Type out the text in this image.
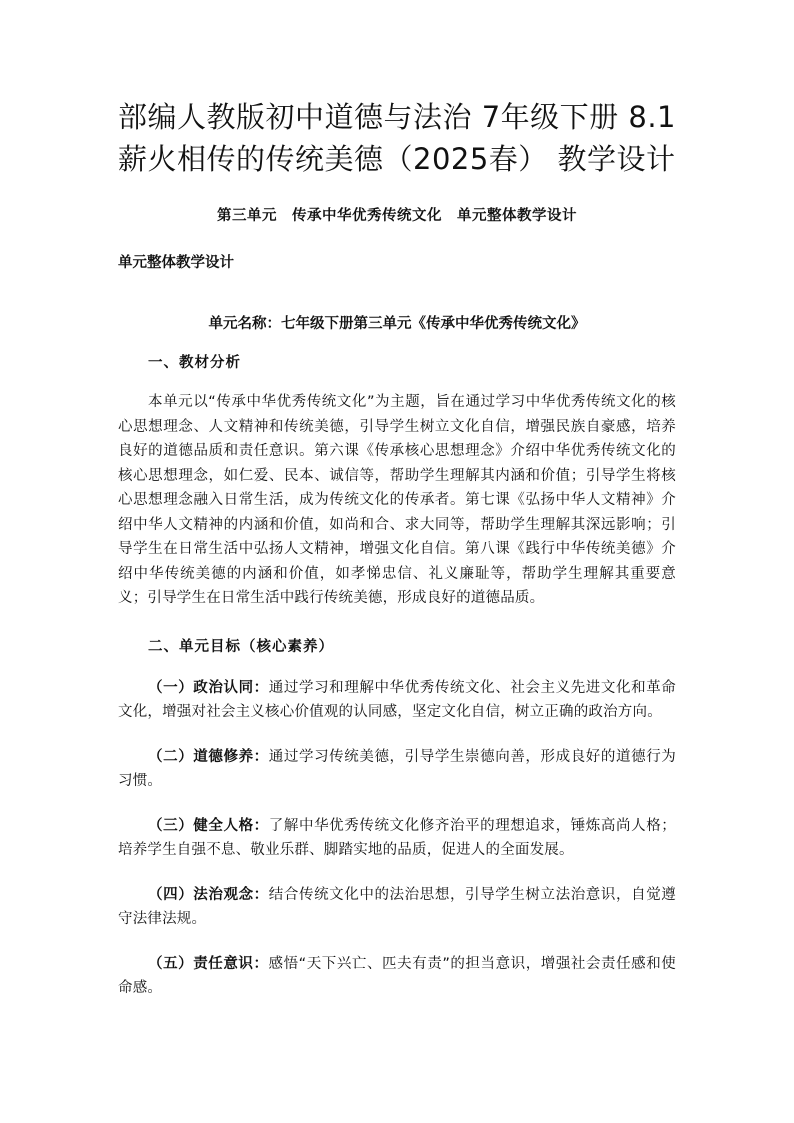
部编人教版初中道德与法治 7年级下册 8.1 薪火相传的传统美德（2025春） 教学设计
第三单元　传承中华优秀传统文化　单元整体教学设计
单元整体教学设计
单元名称：七年级下册第三单元《传承中华优秀传统文化》
一、教材分析

本单元以“传承中华优秀传统文化”为主题，旨在通过学习中华优秀传统文化的核心思想理念、人文精神和传统美德，引导学生树立文化自信，增强民族自豪感，培养良好的道德品质和责任意识。第六课《传承核心思想理念》介绍中华优秀传统文化的核心思想理念，如仁爱、民本、诚信等，帮助学生理解其内涵和价值；引导学生将核心思想理念融入日常生活，成为传统文化的传承者。第七课《弘扬中华人文精神》介绍中华人文精神的内涵和价值，如尚和合、求大同等，帮助学生理解其深远影响；引导学生在日常生活中弘扬人文精神，增强文化自信。第八课《践行中华传统美德》介绍中华传统美德的内涵和价值，如孝悌忠信、礼义廉耻等，帮助学生理解其重要意义；引导学生在日常生活中践行传统美德，形成良好的道德品质。

二、单元目标（核心素养）

（一）政治认同：通过学习和理解中华优秀传统文化、社会主义先进文化和革命文化，增强对社会主义核心价值观的认同感，坚定文化自信，树立正确的政治方向。

（二）道德修养：通过学习传统美德，引导学生崇德向善，形成良好的道德行为习惯。

（三）健全人格：了解中华优秀传统文化修齐治平的理想追求，锤炼高尚人格；培养学生自强不息、敬业乐群、脚踏实地的品质，促进人的全面发展。

（四）法治观念：结合传统文化中的法治思想，引导学生树立法治意识，自觉遵守法律法规。

（五）责任意识：感悟“天下兴亡、匹夫有责”的担当意识，增强社会责任感和使命感。
